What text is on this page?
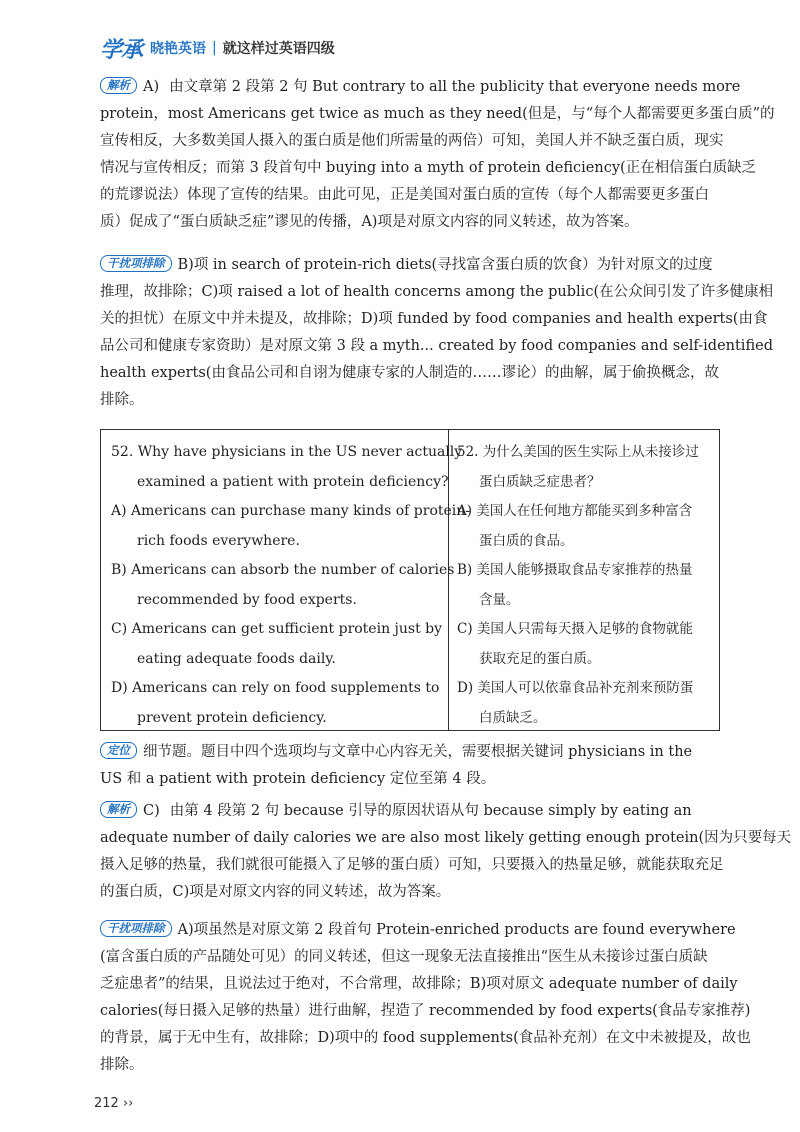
学承 晓艳英语 | 就这样过英语四级
解析 A) 由文章第 2 段第 2 句 But contrary to all the publicity that everyone needs more
protein，most Americans get twice as much as they need(但是，与“每个人都需要更多蛋白质”的
宣传相反，大多数美国人摄入的蛋白质是他们所需量的两倍）可知，美国人并不缺乏蛋白质，现实
情况与宣传相反；而第 3 段首句中 buying into a myth of protein deficiency(正在相信蛋白质缺乏
的荒谬说法）体现了宣传的结果。由此可见，正是美国对蛋白质的宣传（每个人都需要更多蛋白
质）促成了“蛋白质缺乏症”谬见的传播，A)项是对原文内容的同义转述，故为答案。
干扰项排除 B)项 in search of protein-rich diets(寻找富含蛋白质的饮食）为针对原文的过度
推理，故排除；C)项 raised a lot of health concerns among the public(在公众间引发了许多健康相
关的担忧）在原文中并未提及，故排除；D)项 funded by food companies and health experts(由食
品公司和健康专家资助）是对原文第 3 段 a myth... created by food companies and self-identified
health experts(由食品公司和自诩为健康专家的人制造的……谬论）的曲解，属于偷换概念，故
排除。
52. Why have physicians in the US never actually
examined a patient with protein deficiency?
A) Americans can purchase many kinds of protein-
rich foods everywhere.
B) Americans can absorb the number of calories
recommended by food experts.
C) Americans can get sufficient protein just by
eating adequate foods daily.
D) Americans can rely on food supplements to
prevent protein deficiency.
52. 为什么美国的医生实际上从未接诊过
蛋白质缺乏症患者？
A) 美国人在任何地方都能买到多种富含
蛋白质的食品。
B) 美国人能够摄取食品专家推荐的热量
含量。
C) 美国人只需每天摄入足够的食物就能
获取充足的蛋白质。
D) 美国人可以依靠食品补充剂来预防蛋
白质缺乏。
定位 细节题。题目中四个选项均与文章中心内容无关，需要根据关键词 physicians in the
US 和 a patient with protein deficiency 定位至第 4 段。
解析 C) 由第 4 段第 2 句 because 引导的原因状语从句 because simply by eating an
adequate number of daily calories we are also most likely getting enough protein(因为只要每天
摄入足够的热量，我们就很可能摄入了足够的蛋白质）可知，只要摄入的热量足够，就能获取充足
的蛋白质，C)项是对原文内容的同义转述，故为答案。
干扰项排除 A)项虽然是对原文第 2 段首句 Protein-enriched products are found everywhere
(富含蛋白质的产品随处可见）的同义转述，但这一现象无法直接推出“医生从未接诊过蛋白质缺
乏症患者”的结果，且说法过于绝对，不合常理，故排除；B)项对原文 adequate number of daily
calories(每日摄入足够的热量）进行曲解，捏造了 recommended by food experts(食品专家推荐)
的背景，属于无中生有，故排除；D)项中的 food supplements(食品补充剂）在文中未被提及，故也
排除。
212 ››
